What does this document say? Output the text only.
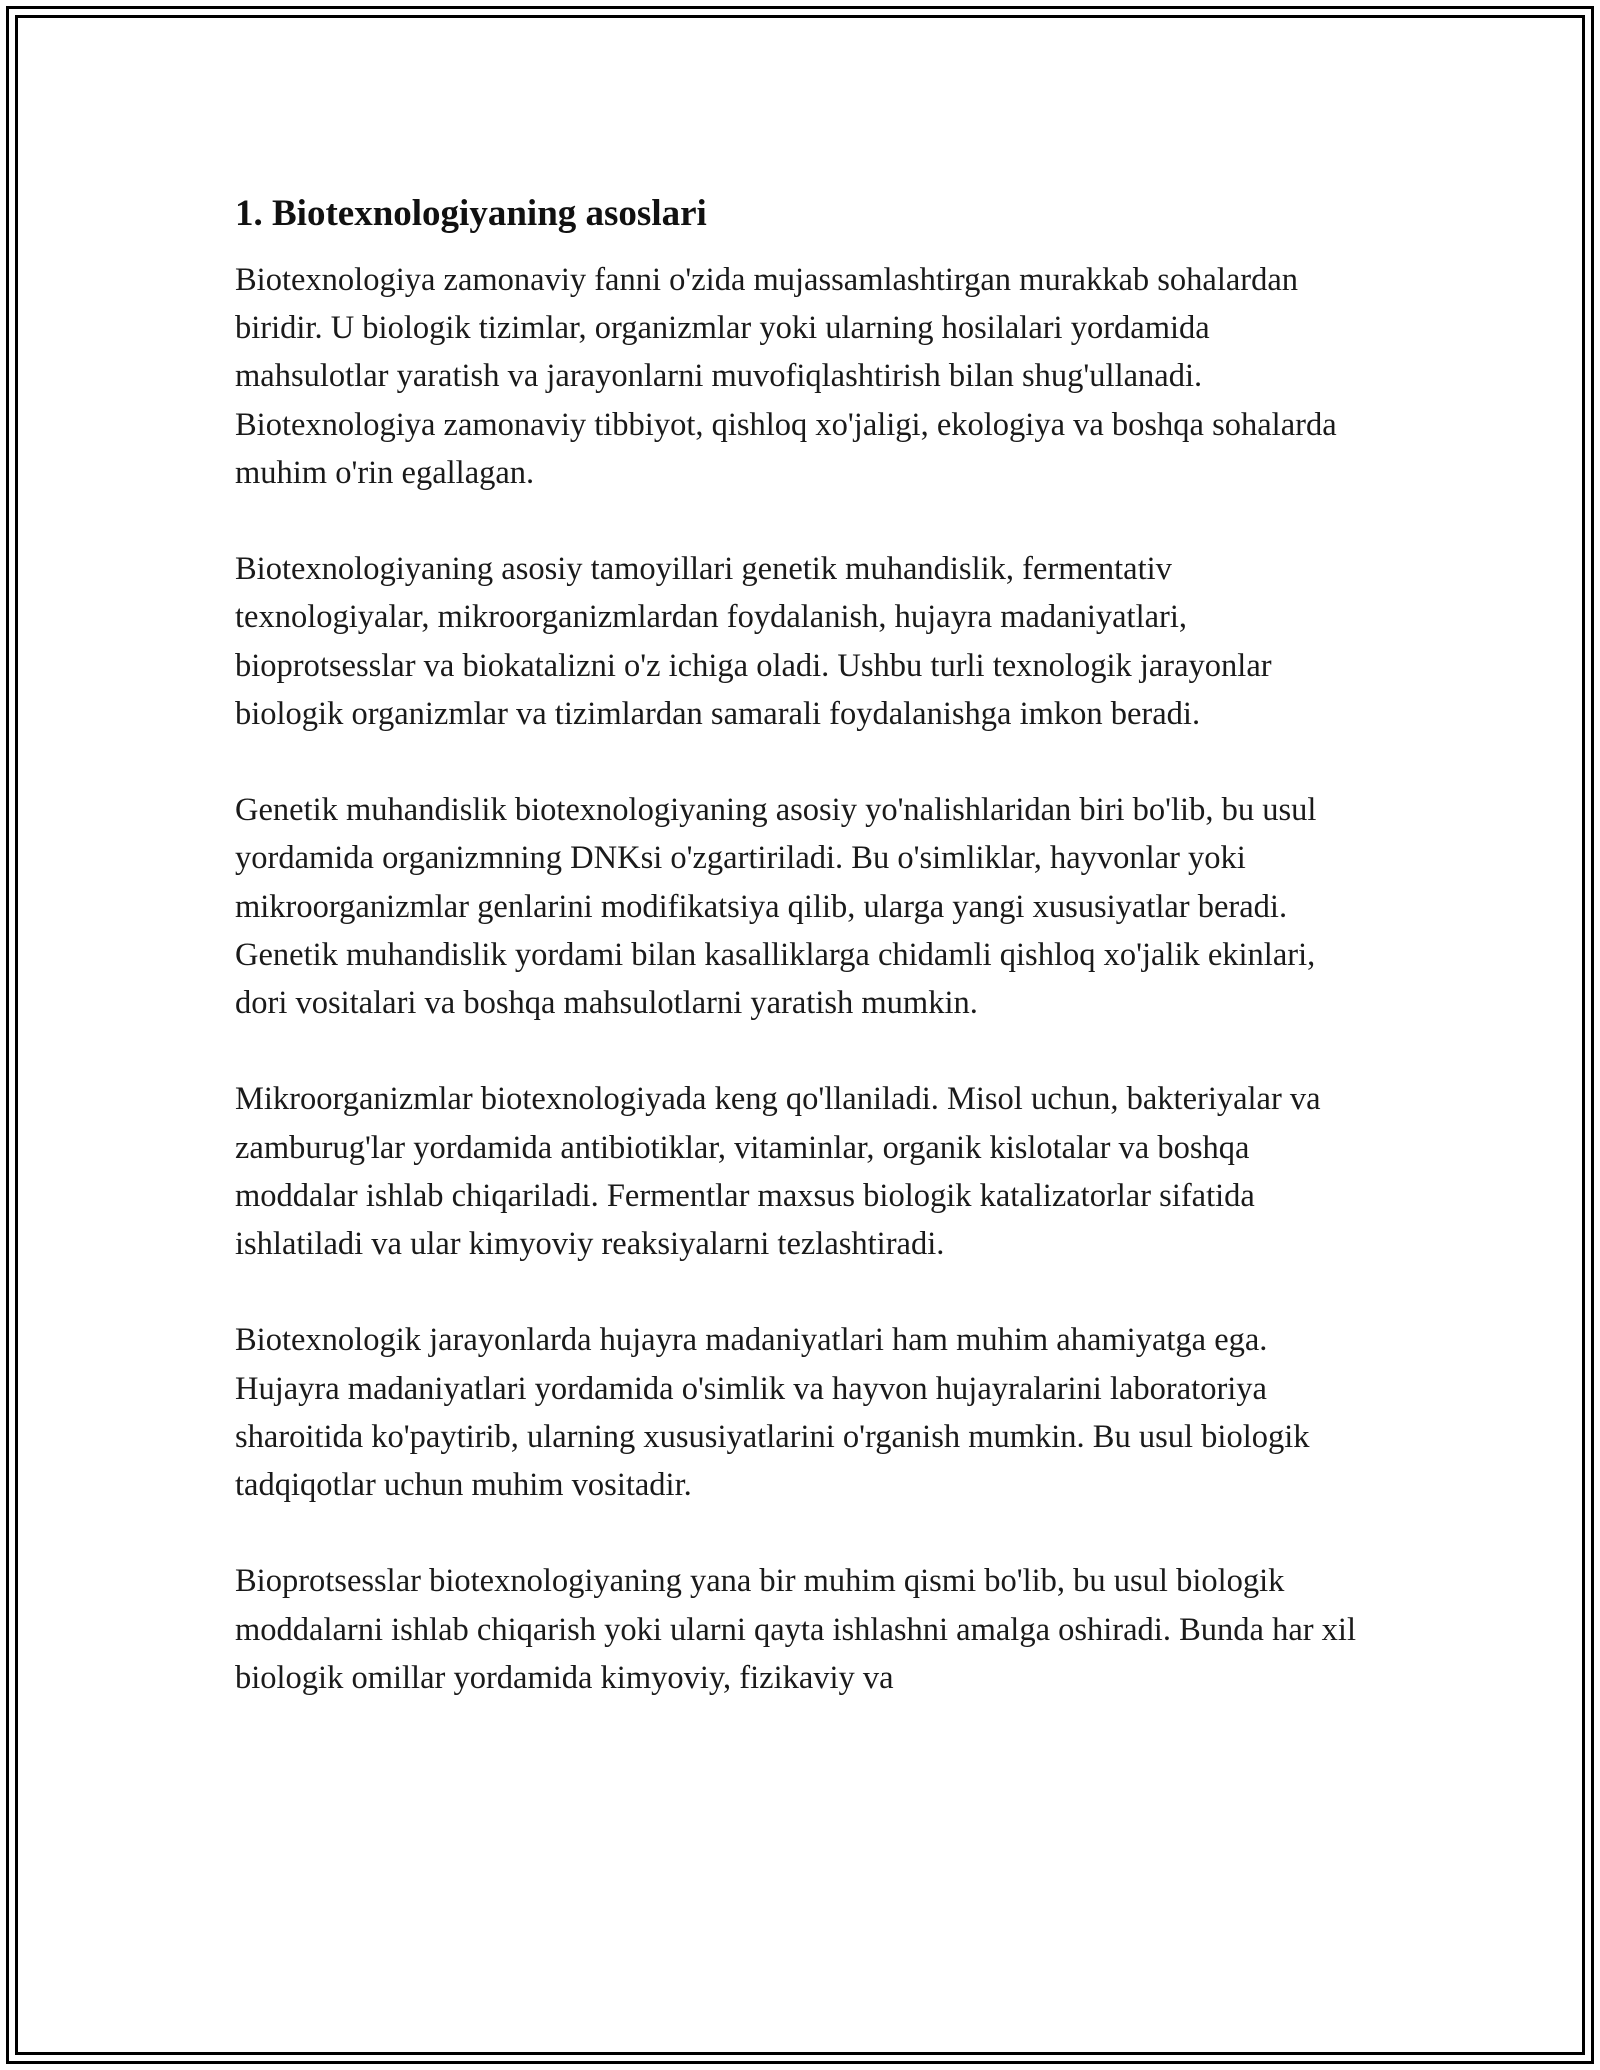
1. Biotexnologiyaning asoslari

Biotexnologiya zamonaviy fanni o'zida mujassamlashtirgan murakkab sohalardan biridir. U biologik tizimlar, organizmlar yoki ularning hosilalari yordamida mahsulotlar yaratish va jarayonlarni muvofiqlashtirish bilan shug'ullanadi. Biotexnologiya zamonaviy tibbiyot, qishloq xo'jaligi, ekologiya va boshqa sohalarda muhim o'rin egallagan.

Biotexnologiyaning asosiy tamoyillari genetik muhandislik, fermentativ texnologiyalar, mikroorganizmlardan foydalanish, hujayra madaniyatlari, bioprotsesslar va biokatalizni o'z ichiga oladi. Ushbu turli texnologik jarayonlar biologik organizmlar va tizimlardan samarali foydalanishga imkon beradi.

Genetik muhandislik biotexnologiyaning asosiy yo'nalishlaridan biri bo'lib, bu usul yordamida organizmning DNKsi o'zgartiriladi. Bu o'simliklar, hayvonlar yoki mikroorganizmlar genlarini modifikatsiya qilib, ularga yangi xususiyatlar beradi. Genetik muhandislik yordami bilan kasalliklarga chidamli qishloq xo'jalik ekinlari, dori vositalari va boshqa mahsulotlarni yaratish mumkin.

Mikroorganizmlar biotexnologiyada keng qo'llaniladi. Misol uchun, bakteriyalar va zamburug'lar yordamida antibiotiklar, vitaminlar, organik kislotalar va boshqa moddalar ishlab chiqariladi. Fermentlar maxsus biologik katalizatorlar sifatida ishlatiladi va ular kimyoviy reaksiyalarni tezlashtiradi.

Biotexnologik jarayonlarda hujayra madaniyatlari ham muhim ahamiyatga ega. Hujayra madaniyatlari yordamida o'simlik va hayvon hujayralarini laboratoriya sharoitida ko'paytirib, ularning xususiyatlarini o'rganish mumkin. Bu usul biologik tadqiqotlar uchun muhim vositadir.

Bioprotsesslar biotexnologiyaning yana bir muhim qismi bo'lib, bu usul biologik moddalarni ishlab chiqarish yoki ularni qayta ishlashni amalga oshiradi. Bunda har xil biologik omillar yordamida kimyoviy, fizikaviy va
